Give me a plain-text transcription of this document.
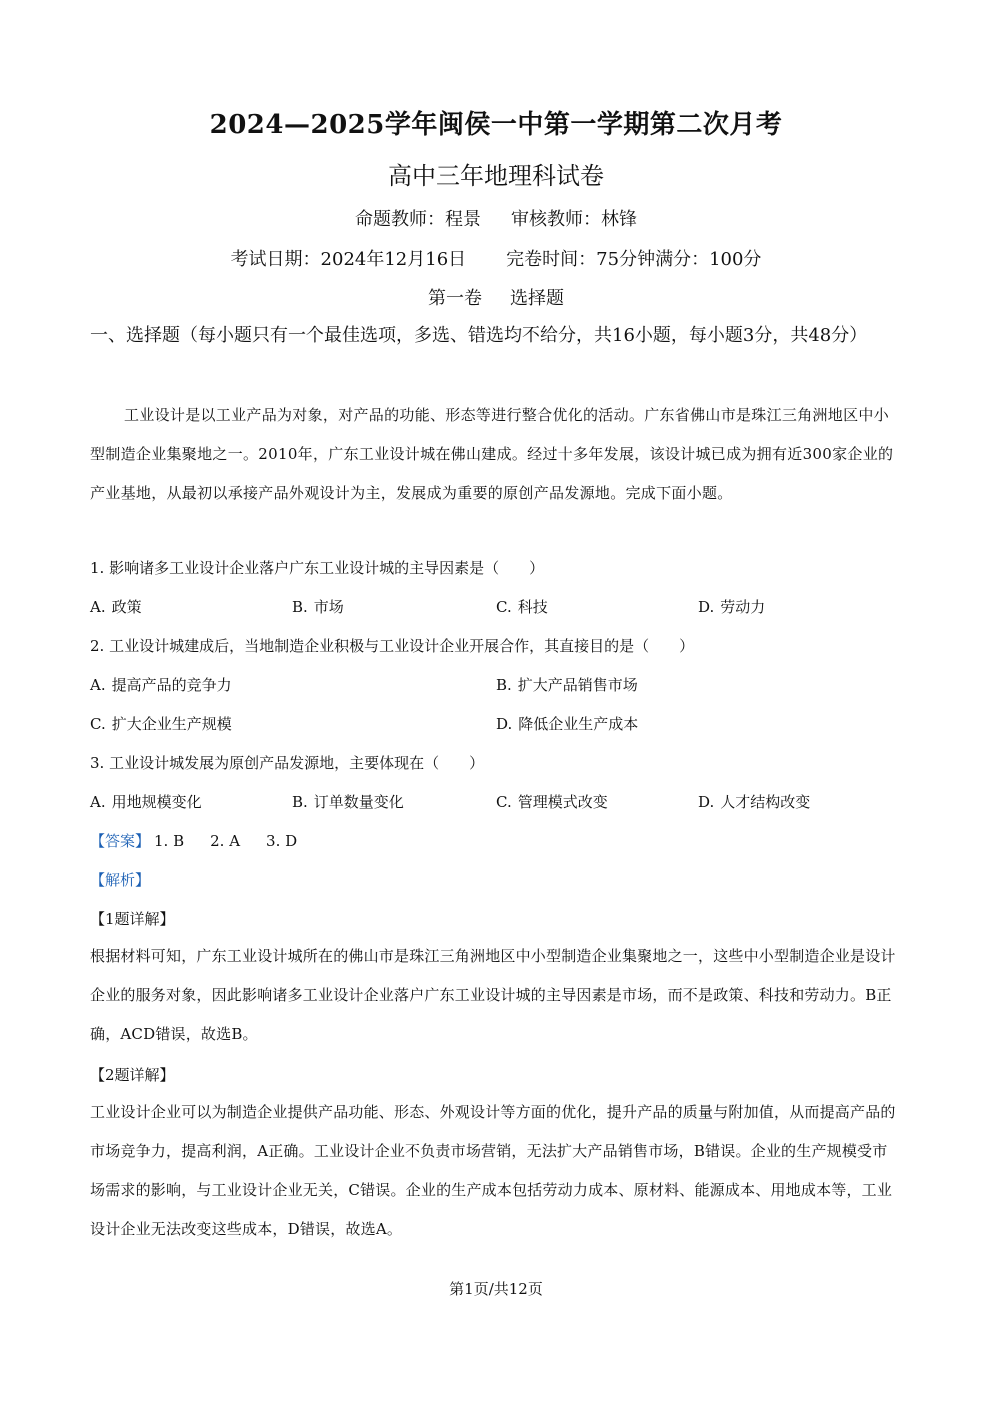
2024—2025学年闽侯一中第一学期第二次月考
高中三年地理科试卷
命题教师：程景 审核教师：林锋
考试日期：2024年12月16日 完卷时间：75分钟满分：100分
第一卷 选择题
一、选择题（每小题只有一个最佳选项，多选、错选均不给分，共16小题，每小题3分，共48分）
工业设计是以工业产品为对象，对产品的功能、形态等进行整合优化的活动。广东省佛山市是珠江三角洲地区中小型制造企业集聚地之一。2010年，广东工业设计城在佛山建成。经过十多年发展，该设计城已成为拥有近300家企业的产业基地，从最初以承接产品外观设计为主，发展成为重要的原创产品发源地。完成下面小题。
1. 影响诸多工业设计企业落户广东工业设计城的主导因素是（　　）
A. 政策	B. 市场	C. 科技	D. 劳动力
2. 工业设计城建成后，当地制造企业积极与工业设计企业开展合作，其直接目的是（　　）
A. 提高产品的竞争力	B. 扩大产品销售市场
C. 扩大企业生产规模	D. 降低企业生产成本
3. 工业设计城发展为原创产品发源地，主要体现在（　　）
A. 用地规模变化	B. 订单数量变化	C. 管理模式改变	D. 人才结构改变
【答案】 1. B 2. A 3. D
【解析】
【1题详解】
根据材料可知，广东工业设计城所在的佛山市是珠江三角洲地区中小型制造企业集聚地之一，这些中小型制造企业是设计企业的服务对象，因此影响诸多工业设计企业落户广东工业设计城的主导因素是市场，而不是政策、科技和劳动力。B正确，ACD错误，故选B。
【2题详解】
工业设计企业可以为制造企业提供产品功能、形态、外观设计等方面的优化，提升产品的质量与附加值，从而提高产品的市场竞争力，提高利润，A正确。工业设计企业不负责市场营销，无法扩大产品销售市场，B错误。企业的生产规模受市场需求的影响，与工业设计企业无关，C错误。企业的生产成本包括劳动力成本、原材料、能源成本、用地成本等，工业设计企业无法改变这些成本，D错误，故选A。
第1页/共12页
